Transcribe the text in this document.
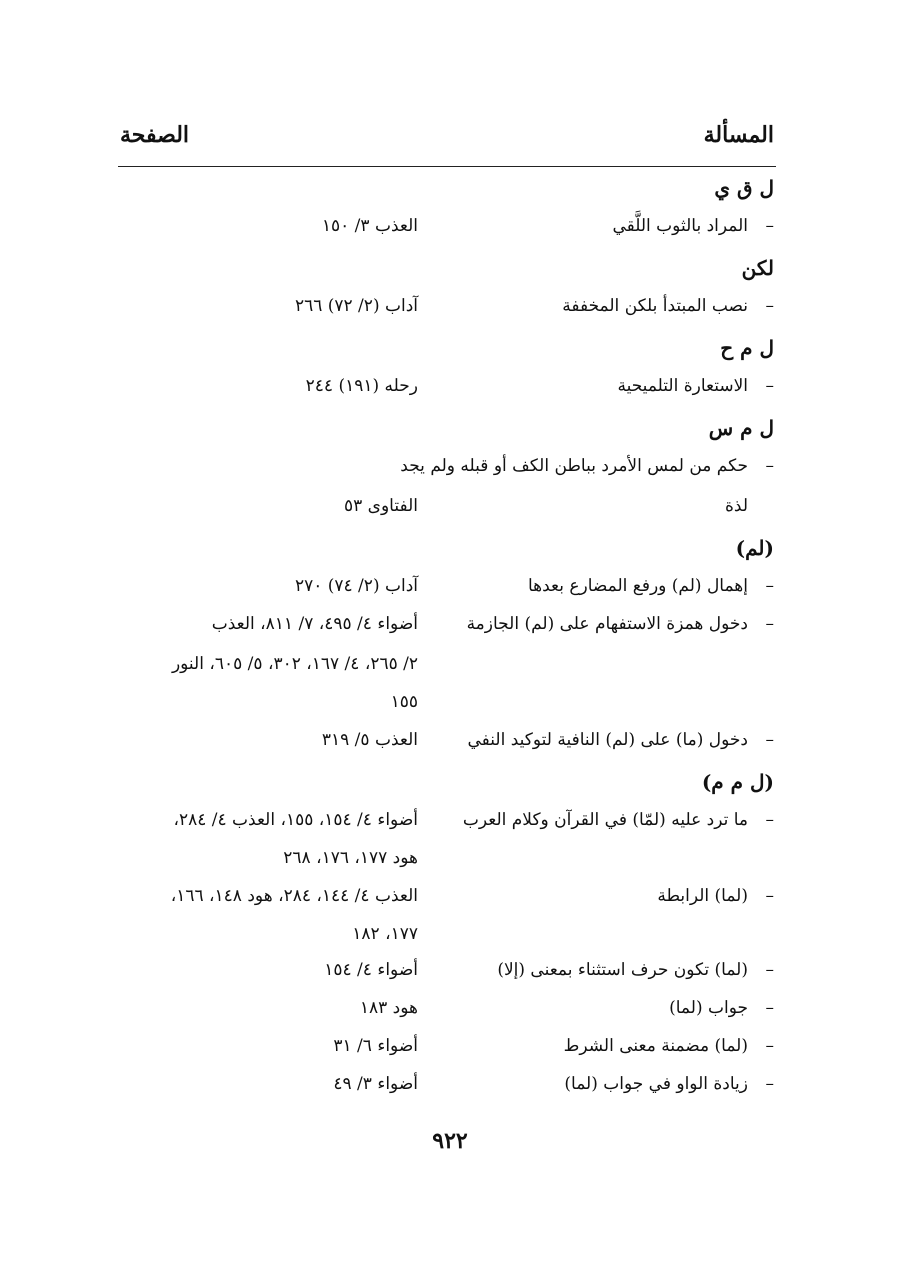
المسألة
الصفحة
ل ق ي
–المراد بالثوب اللَّقي
العذب ٣/ ١٥٠
لكن
–نصب المبتدأ بلكن المخففة
آداب (٢/ ٧٢) ٢٦٦
ل م ح
–الاستعارة التلميحية
رحله (١٩١) ٢٤٤
ل م س
–حكم من لمس الأمرد بباطن الكف أو قبله ولم يجد
لذة
الفتاوى ٥٣
(لم)
–إهمال (لم) ورفع المضارع بعدها
آداب (٢/ ٧٤) ٢٧٠
–دخول همزة الاستفهام على (لم) الجازمة
أضواء ٤/ ٤٩٥، ٧/ ٨١١، العذب
٢/ ٢٦٥، ٤/ ١٦٧، ٣٠٢، ٥/ ٦٠٥، النور
١٥٥
–دخول (ما) على (لم) النافية لتوكيد النفي
العذب ٥/ ٣١٩
(ل م م)
–ما ترد عليه (لمّا) في القرآن وكلام العرب
أضواء ٤/ ١٥٤، ١٥٥، العذب ٤/ ٢٨٤،
هود ١٧٧، ١٧٦، ٢٦٨
–(لما) الرابطة
العذب ٤/ ١٤٤، ٢٨٤، هود ١٤٨، ١٦٦،
١٧٧، ١٨٢
–(لما) تكون حرف استثناء بمعنى (إلا)
أضواء ٤/ ١٥٤
–جواب (لما)
هود ١٨٣
–(لما) مضمنة معنى الشرط
أضواء ٦/ ٣١
–زيادة الواو في جواب (لما)
أضواء ٣/ ٤٩
٩٢٢
